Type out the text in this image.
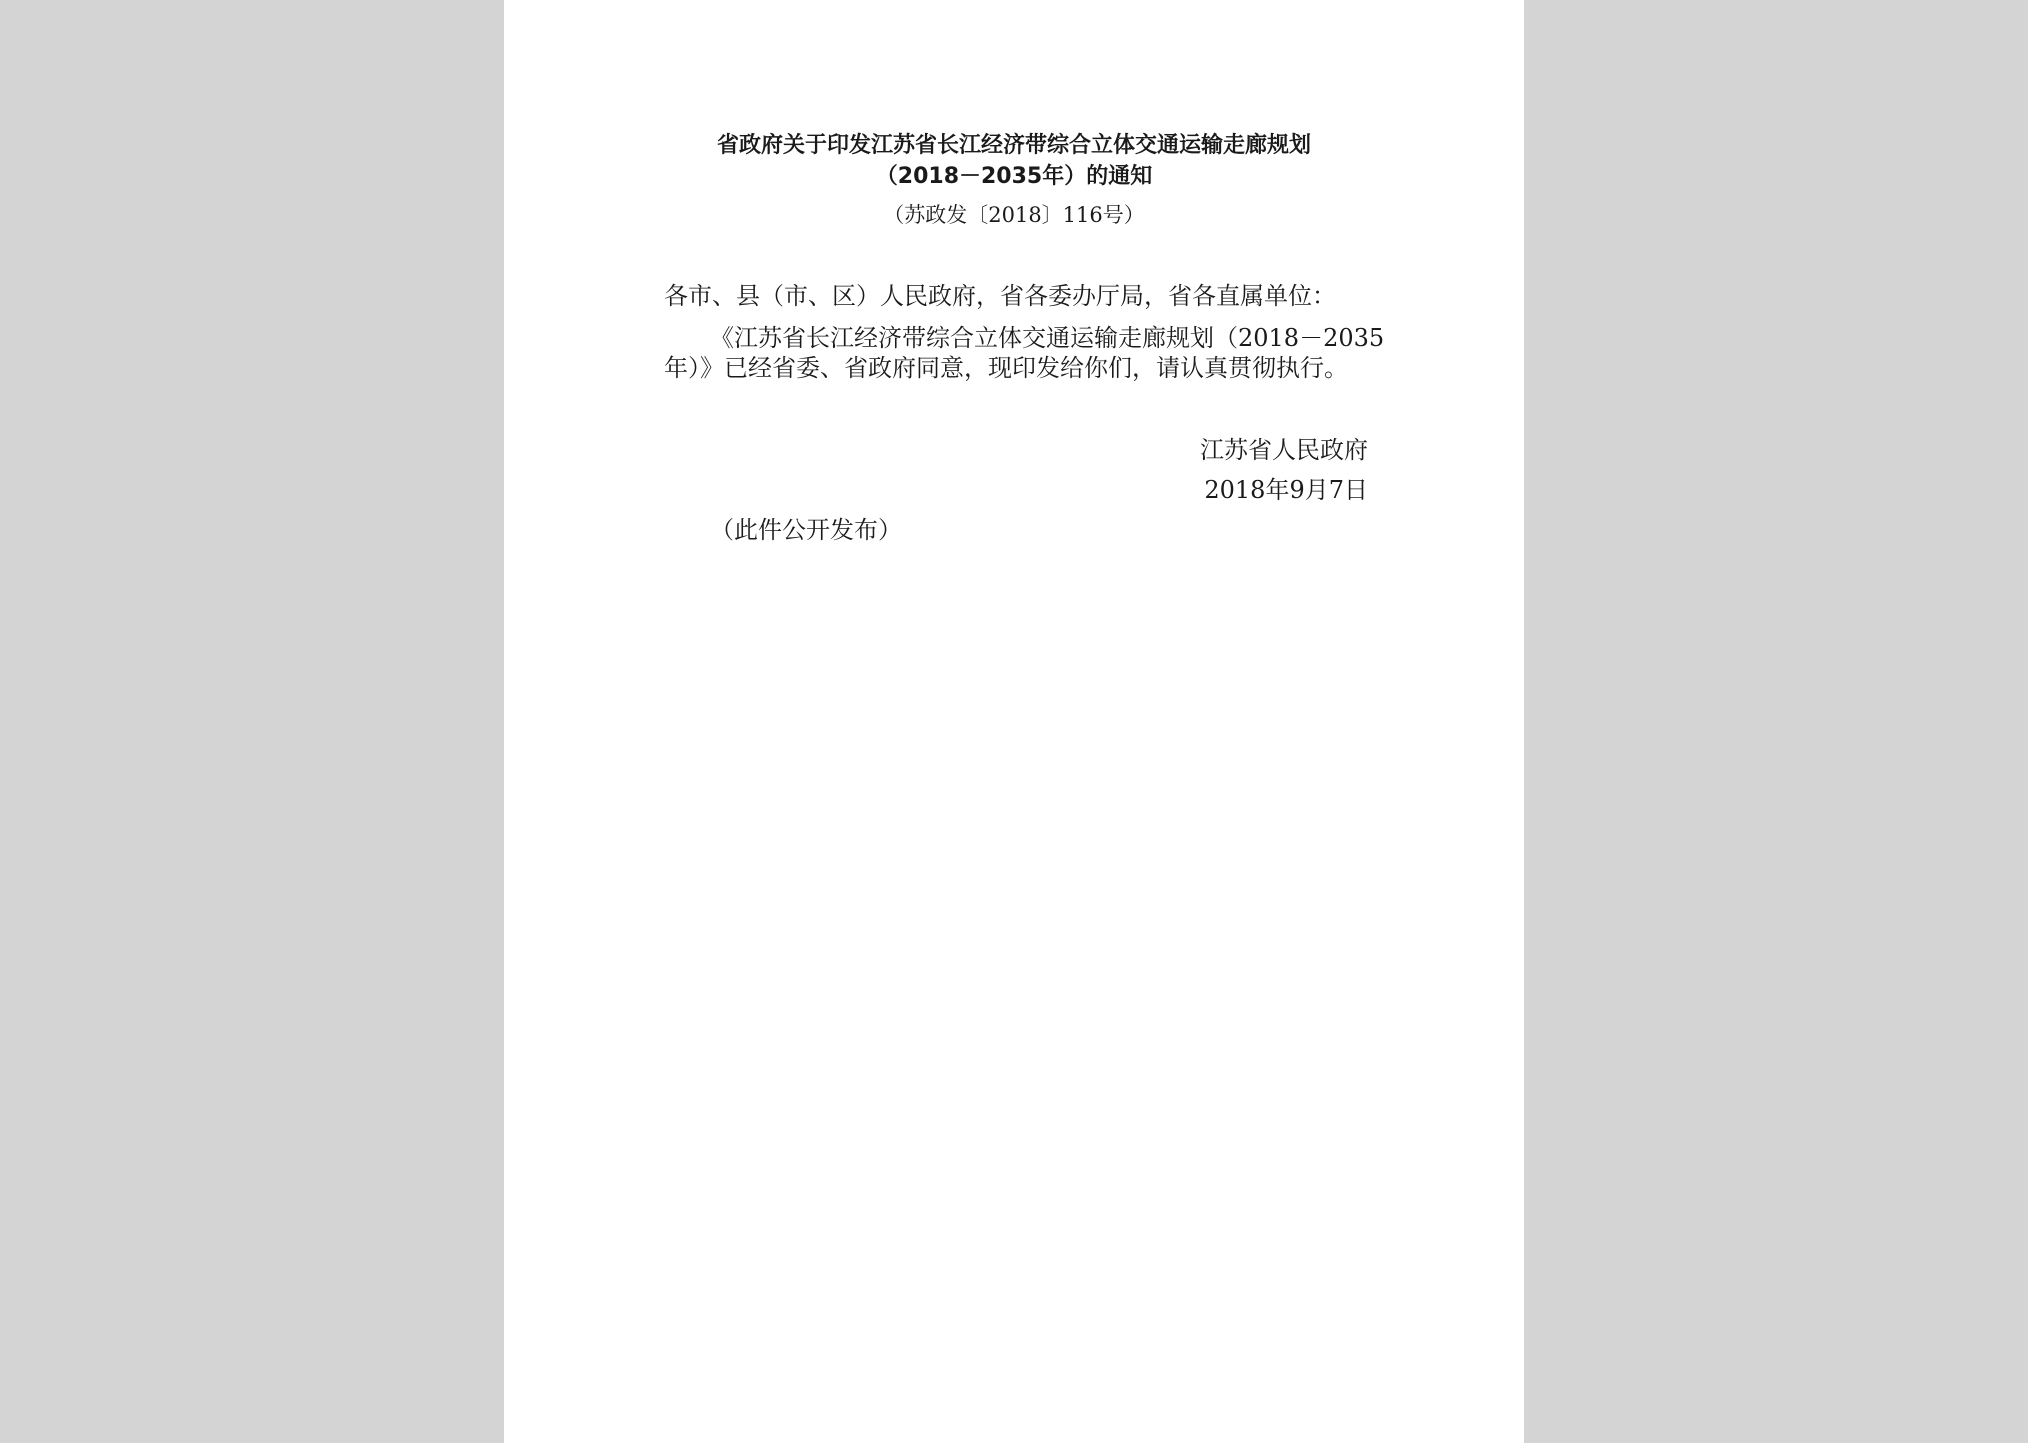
省政府关于印发江苏省长江经济带综合立体交通运输走廊规划
（2018－2035年）的通知
（苏政发〔2018〕116号）
各市、县（市、区）人民政府，省各委办厅局，省各直属单位：
《江苏省长江经济带综合立体交通运输走廊规划（2018－2035
年）》已经省委、省政府同意，现印发给你们，请认真贯彻执行。
江苏省人民政府
2018年9月7日
（此件公开发布）
